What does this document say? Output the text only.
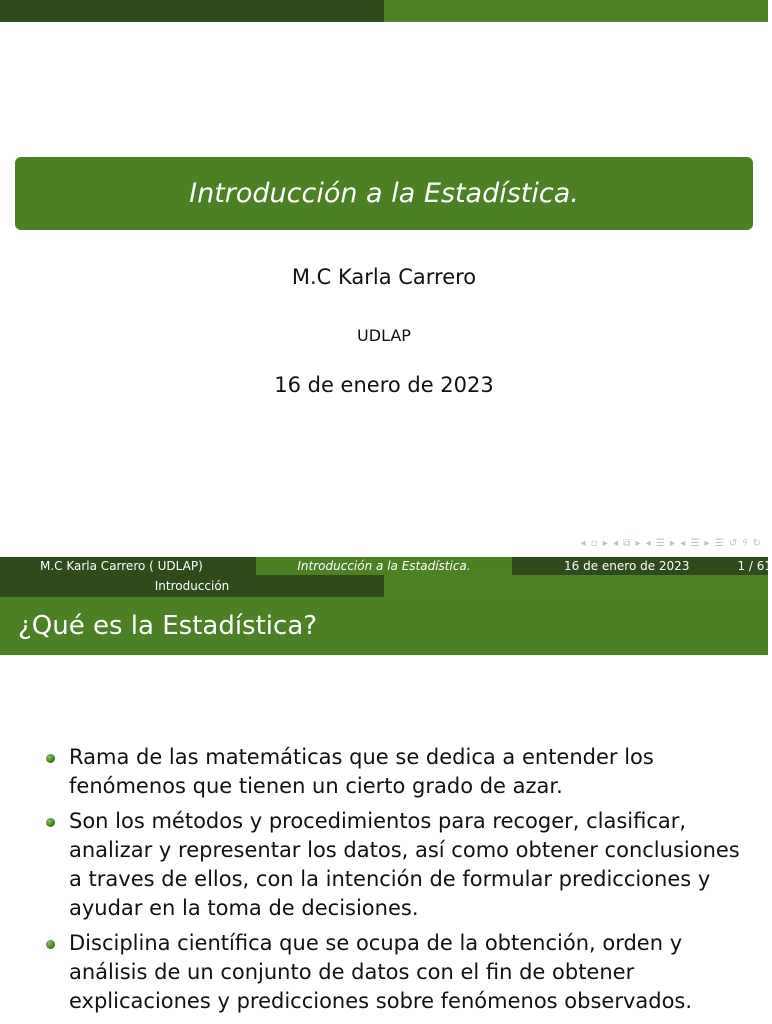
Introducción a la Estadística.
M.C Karla Carrero
UDLAP
16 de enero de 2023
◂ ▫ ▸ ◂ ⧉ ▸ ◂ ☰ ▸ ◂ ☰ ▸ ☰ ↺ ୨ ↻
M.C Karla Carrero ( UDLAP)	Introducción a la Estadística.	16 de enero de 2023	1 / 61
Introducción
¿Qué es la Estadística?
Rama de las matemáticas que se dedica a entender los fenómenos que tienen un cierto grado de azar.
Son los métodos y procedimientos para recoger, clasificar, analizar y representar los datos, así como obtener conclusiones a traves de ellos, con la intención de formular predicciones y ayudar en la toma de decisiones.
Disciplina científica que se ocupa de la obtención, orden y análisis de un conjunto de datos con el fin de obtener explicaciones y predicciones sobre fenómenos observados.
